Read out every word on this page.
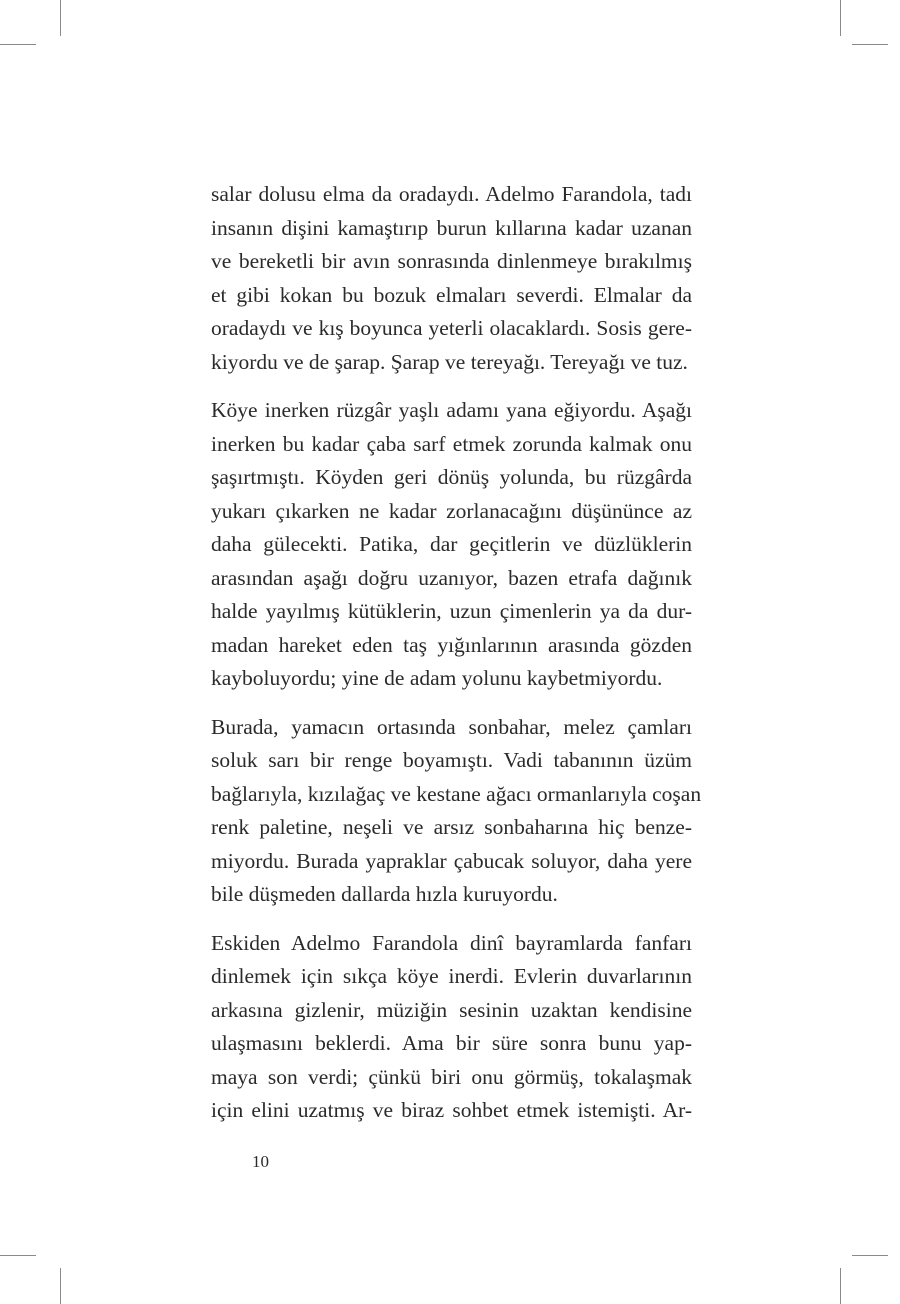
salar dolusu elma da oradaydı. Adelmo Farandola, tadı
insanın dişini kamaştırıp burun kıllarına kadar uzanan
ve bereketli bir avın sonrasında dinlenmeye bırakılmış
et gibi kokan bu bozuk elmaları severdi. Elmalar da
oradaydı ve kış boyunca yeterli olacaklardı. Sosis gere-
kiyordu ve de şarap. Şarap ve tereyağı. Tereyağı ve tuz.
Köye inerken rüzgâr yaşlı adamı yana eğiyordu. Aşağı
inerken bu kadar çaba sarf etmek zorunda kalmak onu
şaşırtmıştı. Köyden geri dönüş yolunda, bu rüzgârda
yukarı çıkarken ne kadar zorlanacağını düşününce az
daha gülecekti. Patika, dar geçitlerin ve düzlüklerin
arasından aşağı doğru uzanıyor, bazen etrafa dağınık
halde yayılmış kütüklerin, uzun çimenlerin ya da dur-
madan hareket eden taş yığınlarının arasında gözden
kayboluyordu; yine de adam yolunu kaybetmiyordu.
Burada, yamacın ortasında sonbahar, melez çamları
soluk sarı bir renge boyamıştı. Vadi tabanının üzüm
bağlarıyla, kızılağaç ve kestane ağacı ormanlarıyla coşan
renk paletine, neşeli ve arsız sonbaharına hiç benze-
miyordu. Burada yapraklar çabucak soluyor, daha yere
bile düşmeden dallarda hızla kuruyordu.
Eskiden Adelmo Farandola dinî bayramlarda fanfarı
dinlemek için sıkça köye inerdi. Evlerin duvarlarının
arkasına gizlenir, müziğin sesinin uzaktan kendisine
ulaşmasını beklerdi. Ama bir süre sonra bunu yap-
maya son verdi; çünkü biri onu görmüş, tokalaşmak
için elini uzatmış ve biraz sohbet etmek istemişti. Ar-
10
